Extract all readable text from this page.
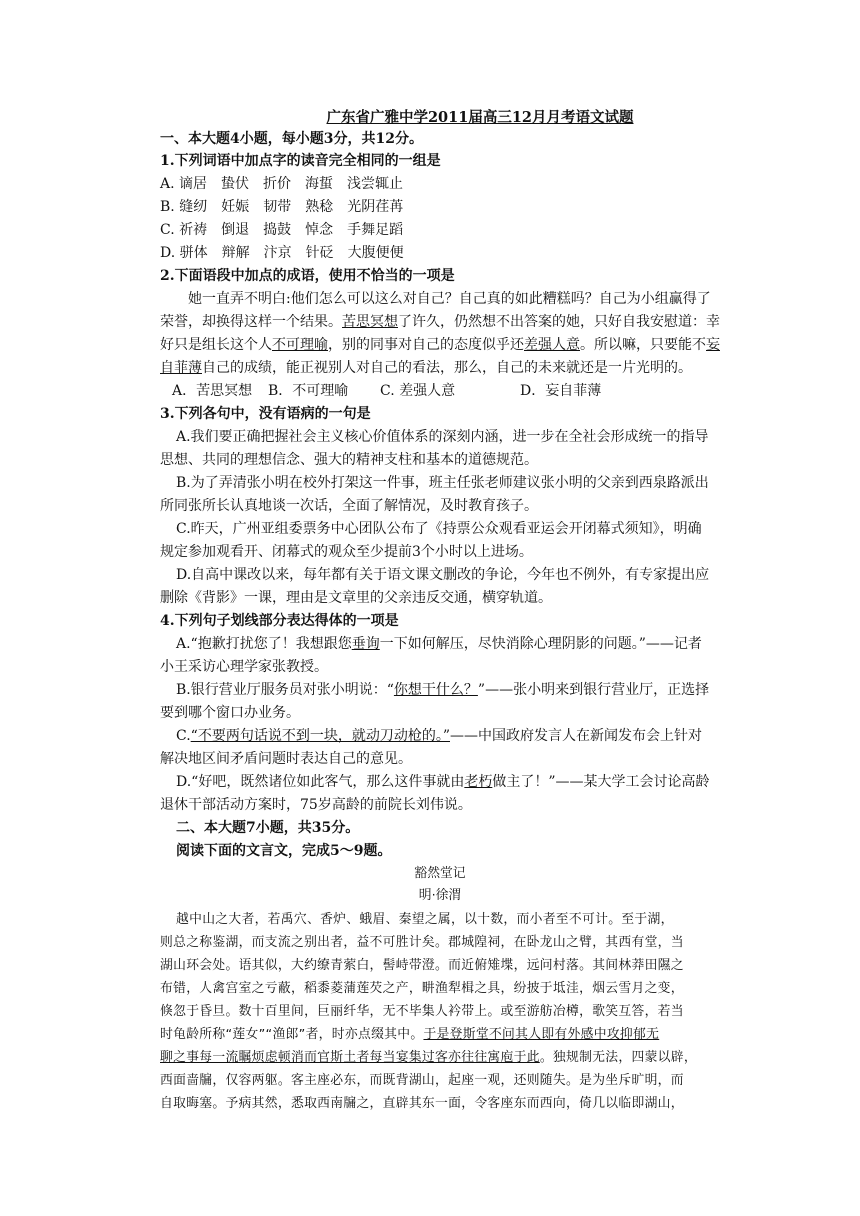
广东省广雅中学2011届高三12月月考语文试题
一、本大题4小题，每小题3分，共12分。
1.下列词语中加点字的读音完全相同的一组是
A. 谪居 蛰伏 折价 海蜇 浅尝辄止
B. 缝纫 妊娠 韧带 熟稔 光阴荏苒
C. 祈祷 倒退 捣鼓 悼念 手舞足蹈
D. 骈体 辩解 汴京 针砭 大腹便便
2.下面语段中加点的成语，使用不恰当的一项是
她一直弄不明白:他们怎么可以这么对自己？自己真的如此糟糕吗？自己为小组赢得了
荣誉，却换得这样一个结果。苦思冥想了许久，仍然想不出答案的她，只好自我安慰道：幸
好只是组长这个人不可理喻，别的同事对自己的态度似乎还差强人意。所以嘛，只要能不妄
自菲薄自己的成绩，能正视别人对自己的看法，那么，自己的未来就还是一片光明的。
A．苦思冥想 B．不可理喻 C. 差强人意	D．妄自菲薄
3.下列各句中，没有语病的一句是
A.我们要正确把握社会主义核心价值体系的深刻内涵，进一步在全社会形成统一的指导
思想、共同的理想信念、强大的精神支柱和基本的道德规范。
B.为了弄清张小明在校外打架这一件事，班主任张老师建议张小明的父亲到西泉路派出
所同张所长认真地谈一次话，全面了解情况，及时教育孩子。
C.昨天，广州亚组委票务中心团队公布了《持票公众观看亚运会开闭幕式须知》，明确
规定参加观看开、闭幕式的观众至少提前3个小时以上进场。
D.自高中课改以来，每年都有关于语文课文删改的争论，今年也不例外，有专家提出应
删除《背影》一课，理由是文章里的父亲违反交通，横穿轨道。
4.下列句子划线部分表达得体的一项是
A.“抱歉打扰您了！我想跟您垂询一下如何解压，尽快消除心理阴影的问题。”——记者
小王采访心理学家张教授。
B.银行营业厅服务员对张小明说：“你想干什么？”——张小明来到银行营业厅，正选择
要到哪个窗口办业务。
C.“不要两句话说不到一块，就动刀动枪的。”——中国政府发言人在新闻发布会上针对
解决地区间矛盾问题时表达自己的意见。
D.“好吧，既然诸位如此客气，那么这件事就由老朽做主了！”——某大学工会讨论高龄
退休干部活动方案时，75岁高龄的前院长刘伟说。
二、本大题7小题，共35分。
阅读下面的文言文，完成5～9题。
豁然堂记
明·徐渭
越中山之大者，若禹穴、香炉、蛾眉、秦望之属，以十数，而小者至不可计。至于湖，
则总之称鉴湖，而支流之别出者，益不可胜计矣。郡城隍祠，在卧龙山之臂，其西有堂，当
湖山环会处。语其似，大约缭青萦白，髻峙带澄。而近俯雉堞，远问村落。其间林莽田隰之
布错，人禽宫室之亏蔽，稻黍菱蒲莲芡之产，畊渔犁楫之具，纷披于坻洼，烟云雪月之变，
倏忽于昏旦。数十百里间，巨丽纤华，无不毕集人衿带上。或至游舫冶樽，歌笑互答，若当
时龟龄所称“莲女”“渔郎”者，时亦点缀其中。于是登斯堂不问其人即有外感中攻抑郁无
聊之事每一流瞩烦虑顿消而官斯土者每当宴集过客亦往往寓庖于此。独规制无法，四蒙以辟，
西面啬牖，仅容两躯。客主座必东，而既背湖山，起座一观，还则随失。是为坐斥旷明，而
自取晦塞。予病其然，悉取西南牖之，直辟其东一面，令客座东而西向，倚几以临即湖山，
